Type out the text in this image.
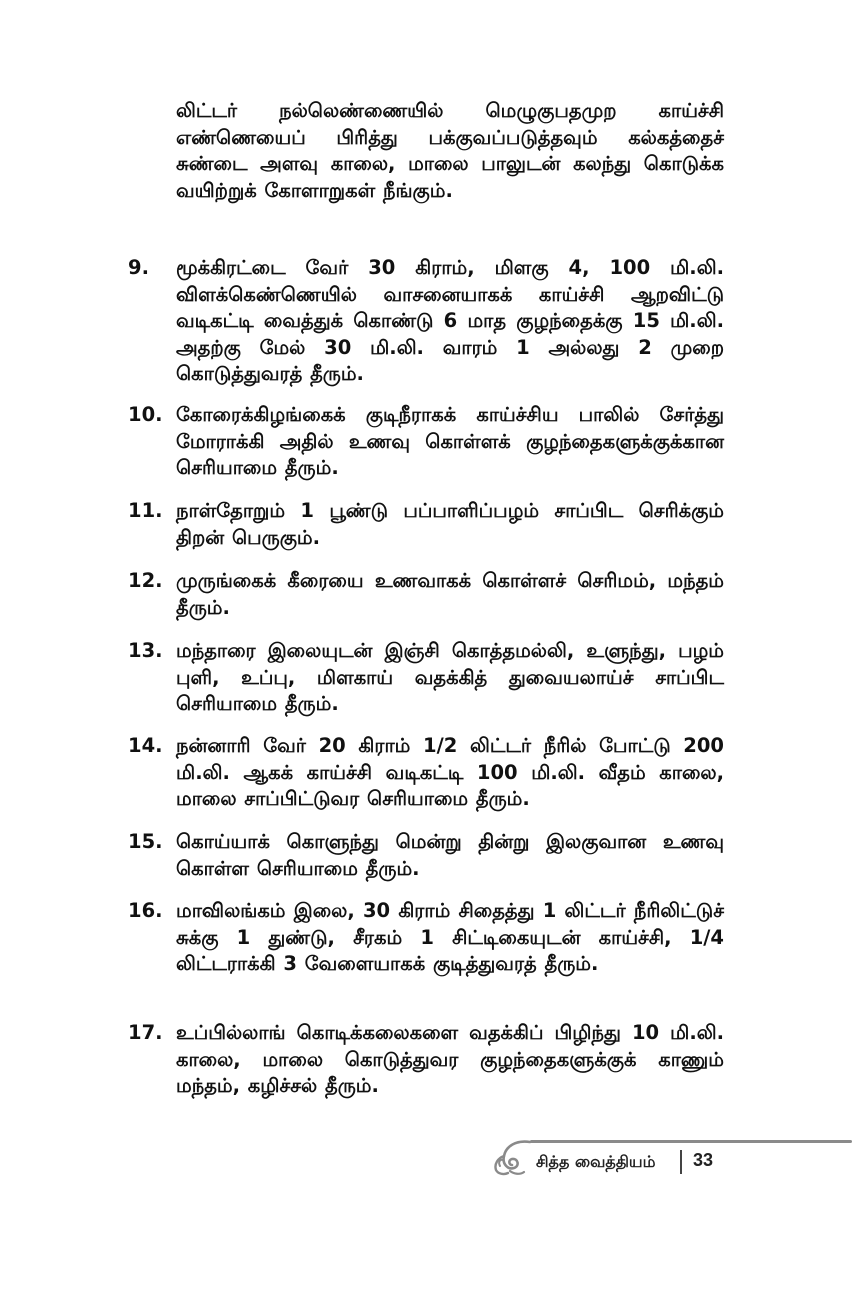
லிட்டர் நல்லெண்ணையில் மெழுகுபதமுற காய்ச்சி எண்ணெயைப் பிரித்து பக்குவப்படுத்தவும் கல்கத்தைச் சுண்டை அளவு காலை, மாலை பாலுடன் கலந்து கொடுக்க வயிற்றுக் கோளாறுகள் நீங்கும்.
9.	மூக்கிரட்டை வேர் 30 கிராம், மிளகு 4, 100 மி.லி. விளக்கெண்ணெயில் வாசனையாகக் காய்ச்சி ஆறவிட்டு வடிகட்டி வைத்துக் கொண்டு 6 மாத குழந்தைக்கு 15 மி.லி. அதற்கு மேல் 30 மி.லி. வாரம் 1 அல்லது 2 முறை கொடுத்துவரத் தீரும்.
10. கோரைக்கிழங்கைக் குடிநீராகக் காய்ச்சிய பாலில் சேர்த்து மோராக்கி அதில் உணவு கொள்ளக் குழந்தைகளுக்குக்கான செரியாமை தீரும்.
11. நாள்தோறும் 1 பூண்டு பப்பாளிப்பழம் சாப்பிட செரிக்கும் திறன் பெருகும்.
12. முருங்கைக் கீரையை உணவாகக் கொள்ளச் செரிமம், மந்தம் தீரும்.
13. மந்தாரை இலையுடன் இஞ்சி கொத்தமல்லி, உளுந்து, பழம் புளி, உப்பு, மிளகாய் வதக்கித் துவையலாய்ச் சாப்பிட செரியாமை தீரும்.
14. நன்னாரி வேர் 20 கிராம் 1/2 லிட்டர் நீரில் போட்டு 200 மி.லி. ஆகக் காய்ச்சி வடிகட்டி 100 மி.லி. வீதம் காலை, மாலை சாப்பிட்டுவர செரியாமை தீரும்.
15. கொய்யாக் கொளுந்து மென்று தின்று இலகுவான உணவு கொள்ள செரியாமை தீரும்.
16. மாவிலங்கம் இலை, 30 கிராம் சிதைத்து 1 லிட்டர் நீரிலிட்டுச் சுக்கு 1 துண்டு, சீரகம் 1 சிட்டிகையுடன் காய்ச்சி, 1/4 லிட்டராக்கி 3 வேளையாகக் குடித்துவரத் தீரும்.
17. உப்பில்லாங் கொடிக்கலைகளை வதக்கிப் பிழிந்து 10 மி.லி. காலை, மாலை கொடுத்துவர குழந்தைகளுக்குக் காணும் மந்தம், கழிச்சல் தீரும்.
சித்த வைத்தியம் 33
